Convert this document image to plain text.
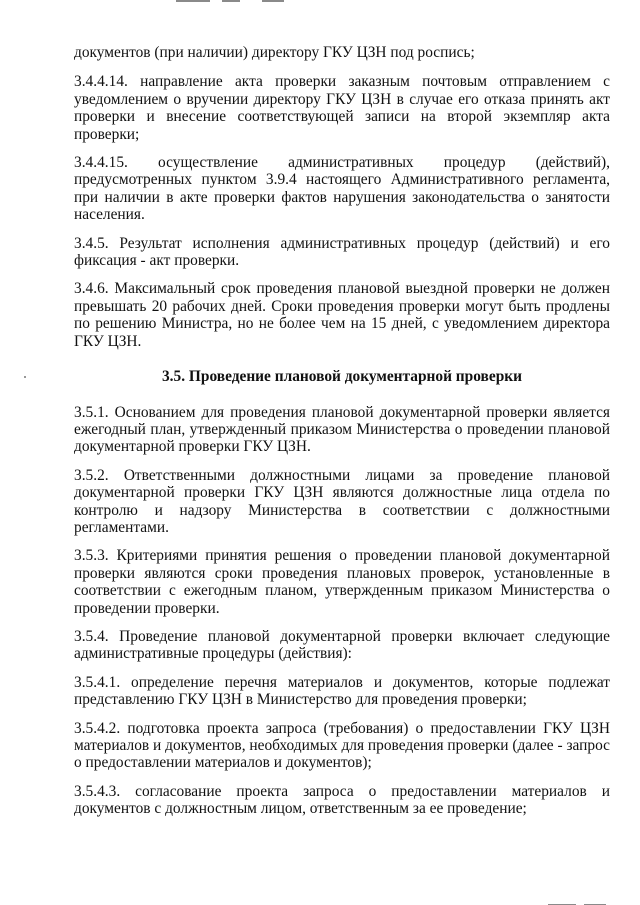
документов (при наличии) директору ГКУ ЦЗН под роспись;

3.4.4.14. направление акта проверки заказным почтовым отправлением с уведомлением о вручении директору ГКУ ЦЗН в случае его отказа принять акт проверки и внесение соответствующей записи на второй экземпляр акта проверки;

3.4.4.15. осуществление административных процедур (действий), предусмотренных пунктом 3.9.4 настоящего Административного регламента, при наличии в акте проверки фактов нарушения законодательства о занятости населения.

3.4.5. Результат исполнения административных процедур (действий) и его фиксация - акт проверки.

3.4.6. Максимальный срок проведения плановой выездной проверки не должен превышать 20 рабочих дней. Сроки проведения проверки могут быть продлены по решению Министра, но не более чем на 15 дней, с уведомлением директора ГКУ ЦЗН.

3.5. Проведение плановой документарной проверки

3.5.1. Основанием для проведения плановой документарной проверки является ежегодный план, утвержденный приказом Министерства о проведении плановой документарной проверки ГКУ ЦЗН.

3.5.2. Ответственными должностными лицами за проведение плановой документарной проверки ГКУ ЦЗН являются должностные лица отдела по контролю и надзору Министерства в соответствии с должностными регламентами.

3.5.3. Критериями принятия решения о проведении плановой документарной проверки являются сроки проведения плановых проверок, установленные в соответствии с ежегодным планом, утвержденным приказом Министерства о проведении проверки.

3.5.4. Проведение плановой документарной проверки включает следующие административные процедуры (действия):

3.5.4.1. определение перечня материалов и документов, которые подлежат представлению ГКУ ЦЗН в Министерство для проведения проверки;

3.5.4.2. подготовка проекта запроса (требования) о предоставлении ГКУ ЦЗН материалов и документов, необходимых для проведения проверки (далее - запрос о предоставлении материалов и документов);

3.5.4.3. согласование проекта запроса о предоставлении материалов и документов с должностным лицом, ответственным за ее проведение;
